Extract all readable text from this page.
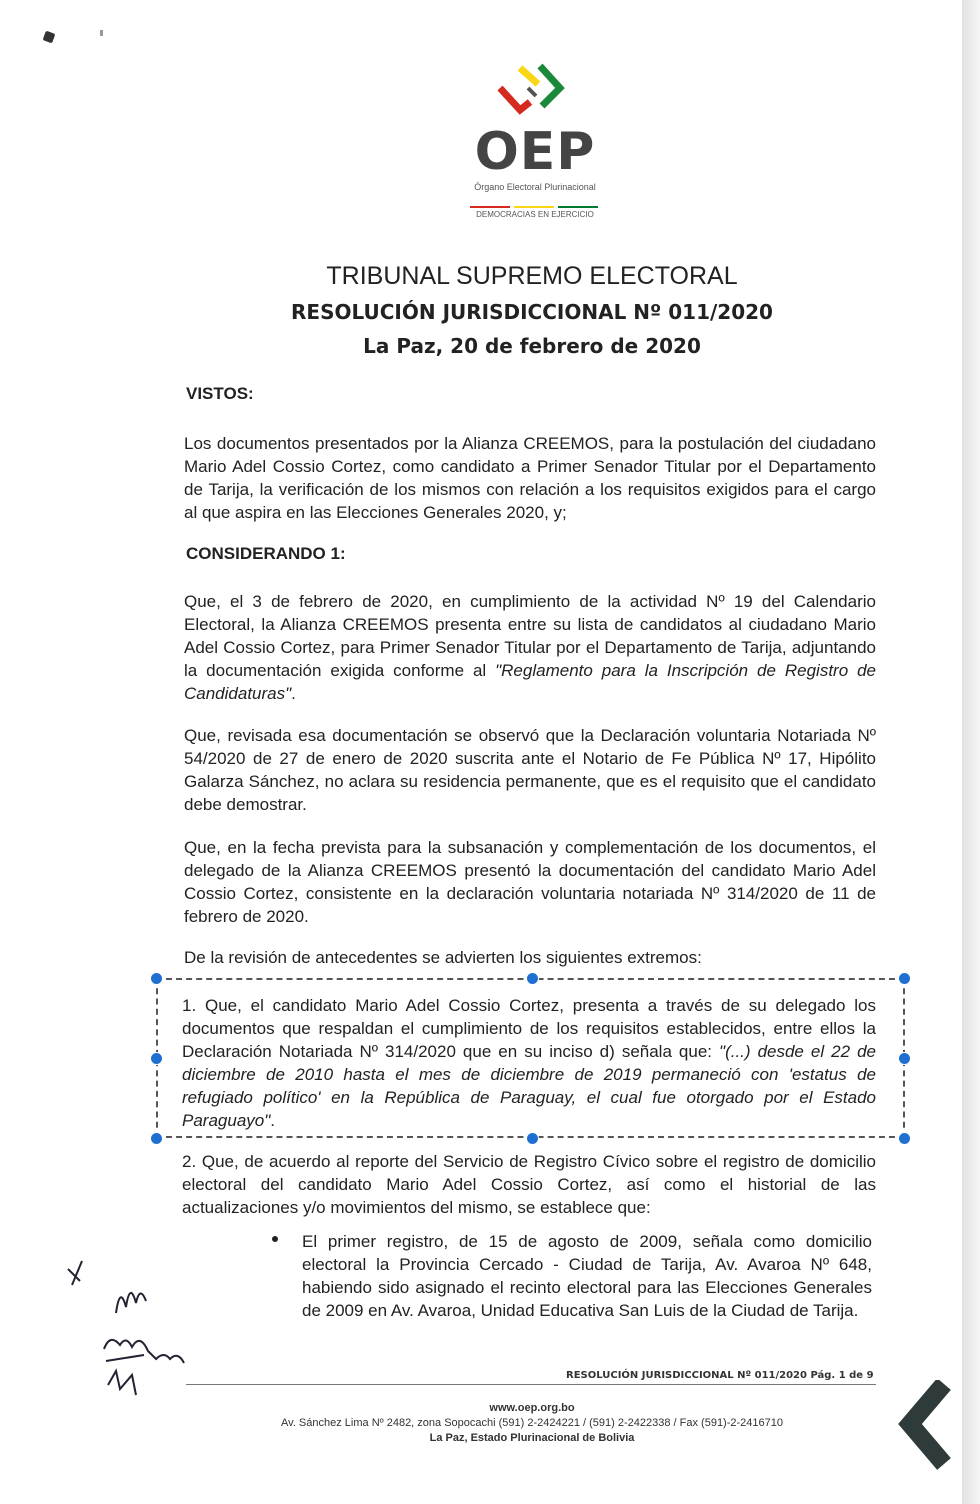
OEP
Órgano Electoral Plurinacional
DEMOCRACIAS EN EJERCICIO
TRIBUNAL SUPREMO ELECTORAL
RESOLUCIÓN JURISDICCIONAL Nº 011/2020
La Paz, 20 de febrero de 2020
VISTOS:
Los documentos presentados por la Alianza CREEMOS, para la postulación del ciudadano Mario Adel Cossio Cortez, como candidato a Primer Senador Titular por el Departamento de Tarija, la verificación de los mismos con relación a los requisitos exigidos para el cargo al que aspira en las Elecciones Generales 2020, y;
CONSIDERANDO 1:
Que, el 3 de febrero de 2020, en cumplimiento de la actividad Nº 19 del Calendario Electoral, la Alianza CREEMOS presenta entre su lista de candidatos al ciudadano Mario Adel Cossio Cortez, para Primer Senador Titular por el Departamento de Tarija, adjuntando la documentación exigida conforme al "Reglamento para la Inscripción de Registro de Candidaturas".
Que, revisada esa documentación se observó que la Declaración voluntaria Notariada Nº 54/2020 de 27 de enero de 2020 suscrita ante el Notario de Fe Pública Nº 17, Hipólito Galarza Sánchez, no aclara su residencia permanente, que es el requisito que el candidato debe demostrar.
Que, en la fecha prevista para la subsanación y complementación de los documentos, el delegado de la Alianza CREEMOS presentó la documentación del candidato Mario Adel Cossio Cortez, consistente en la declaración voluntaria notariada Nº 314/2020 de 11 de febrero de 2020.
De la revisión de antecedentes se advierten los siguientes extremos:
1. Que, el candidato Mario Adel Cossio Cortez, presenta a través de su delegado los documentos que respaldan el cumplimiento de los requisitos establecidos, entre ellos la Declaración Notariada Nº 314/2020 que en su inciso d) señala que: "(...) desde el 22 de diciembre de 2010 hasta el mes de diciembre de 2019 permaneció con 'estatus de refugiado político' en la República de Paraguay, el cual fue otorgado por el Estado Paraguayo".
2. Que, de acuerdo al reporte del Servicio de Registro Cívico sobre el registro de domicilio electoral del candidato Mario Adel Cossio Cortez, así como el historial de las actualizaciones y/o movimientos del mismo, se establece que:
El primer registro, de 15 de agosto de 2009, señala como domicilio electoral la Provincia Cercado - Ciudad de Tarija, Av. Avaroa Nº 648, habiendo sido asignado el recinto electoral para las Elecciones Generales de 2009 en Av. Avaroa, Unidad Educativa San Luis de la Ciudad de Tarija.
RESOLUCIÓN JURISDICCIONAL Nº 011/2020 Pág. 1 de 9
www.oep.org.bo
Av. Sánchez Lima Nº 2482, zona Sopocachi (591) 2-2424221 / (591) 2-2422338 / Fax (591)-2-2416710
La Paz, Estado Plurinacional de Bolivia
